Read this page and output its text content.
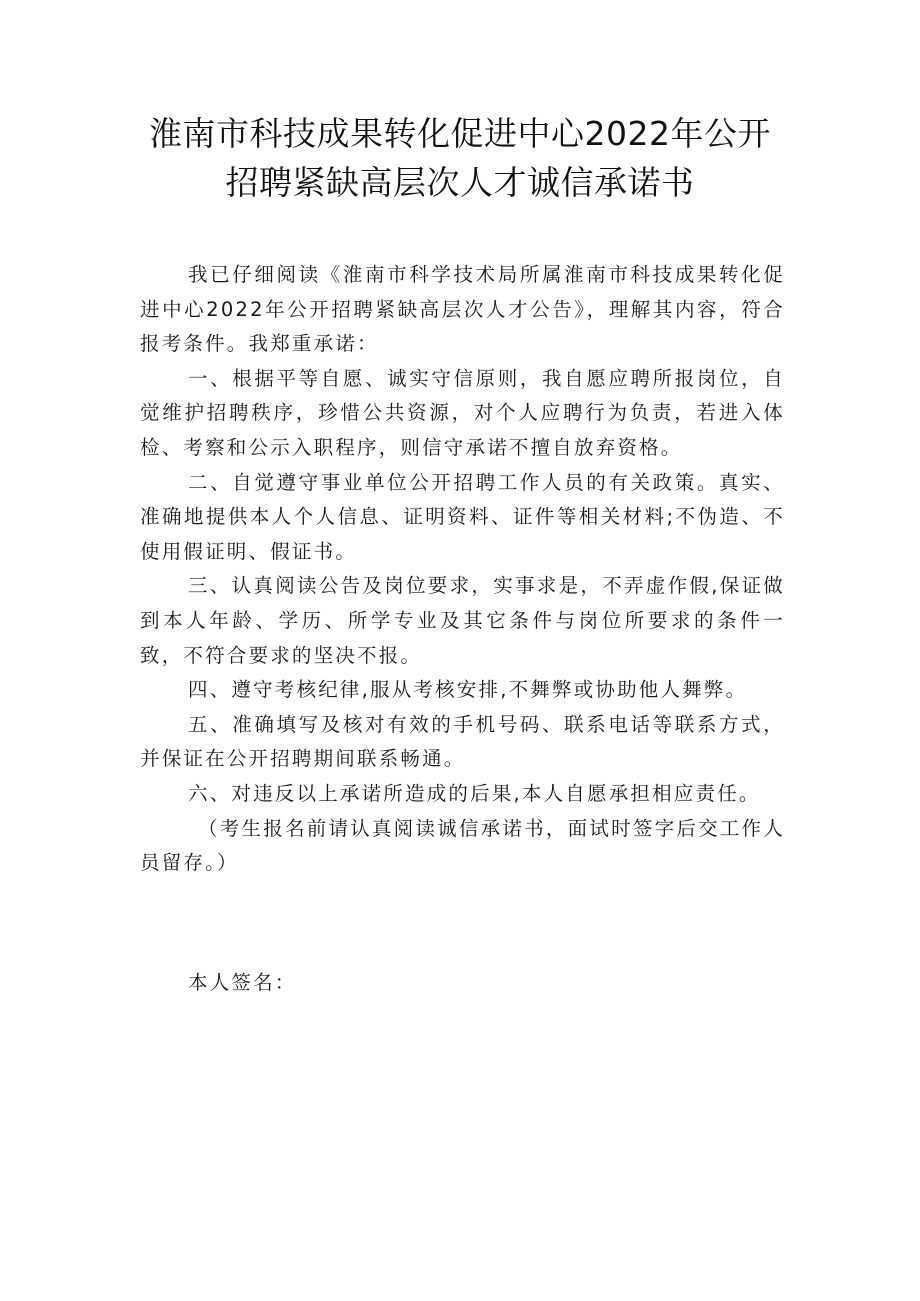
淮南市科技成果转化促进中心2022年公开
招聘紧缺高层次人才诚信承诺书

我已仔细阅读《淮南市科学技术局所属淮南市科技成果转化促进中心2022年公开招聘紧缺高层次人才公告》，理解其内容，符合报考条件。我郑重承诺：

一、根据平等自愿、诚实守信原则，我自愿应聘所报岗位，自觉维护招聘秩序，珍惜公共资源，对个人应聘行为负责，若进入体检、考察和公示入职程序，则信守承诺不擅自放弃资格。

二、自觉遵守事业单位公开招聘工作人员的有关政策。真实、准确地提供本人个人信息、证明资料、证件等相关材料;不伪造、不使用假证明、假证书。

三、认真阅读公告及岗位要求，实事求是，不弄虚作假,保证做到本人年龄、学历、所学专业及其它条件与岗位所要求的条件一致，不符合要求的坚决不报。

四、遵守考核纪律,服从考核安排,不舞弊或协助他人舞弊。

五、准确填写及核对有效的手机号码、联系电话等联系方式，并保证在公开招聘期间联系畅通。

六、对违反以上承诺所造成的后果,本人自愿承担相应责任。

（考生报名前请认真阅读诚信承诺书，面试时签字后交工作人员留存。）

本人签名：
